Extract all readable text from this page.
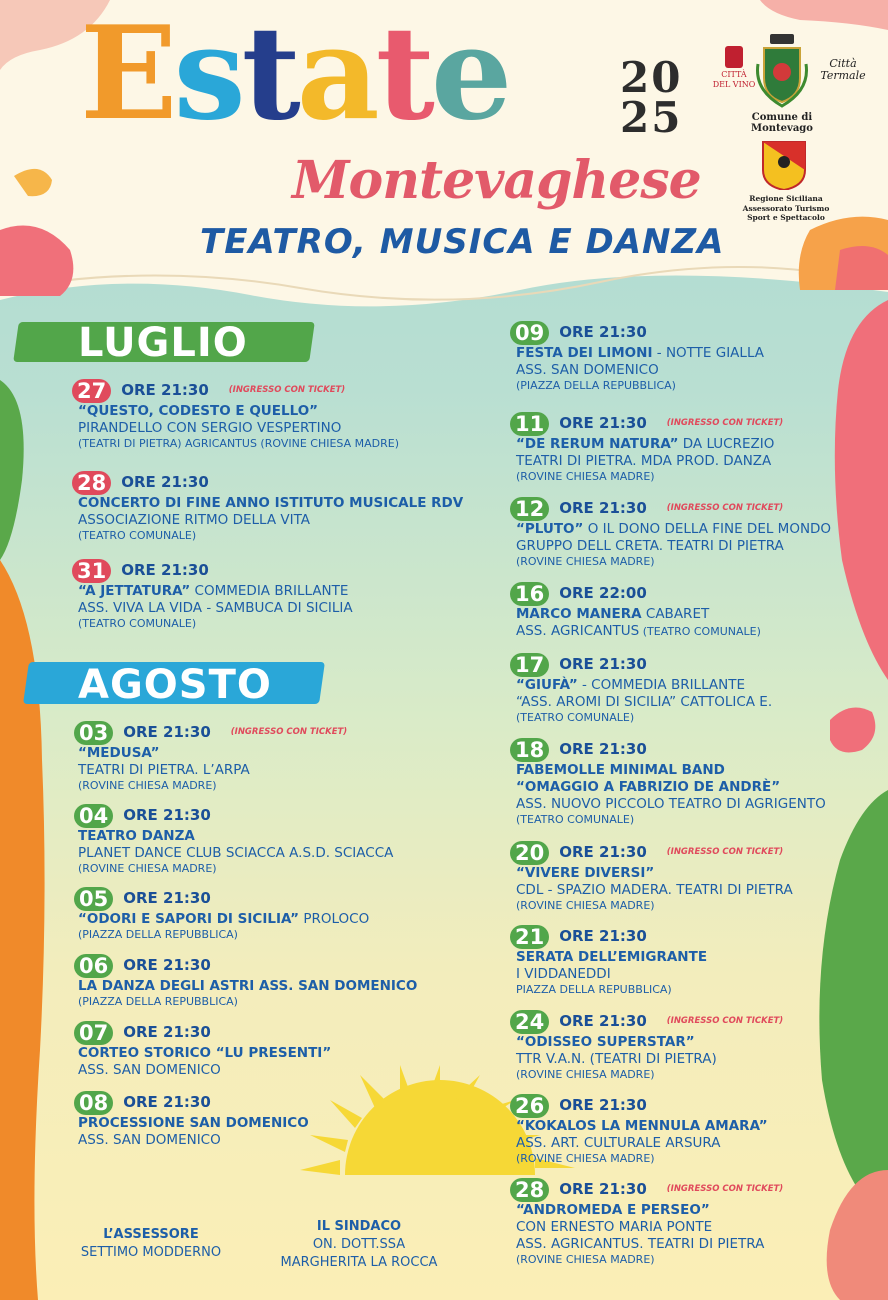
Estate	20
25
Montevaghese
TEATRO, MUSICA E DANZA
CITTÀ DEL VINO
Città Termale
Comune di Montevago
Regione Siciliana
Assessorato Turismo
Sport e Spettacolo
LUGLIO
AGOSTO
27	ORE 21:30 (INGRESSO CON TICKET)
“QUESTO, CODESTO E QUELLO”
PIRANDELLO CON SERGIO VESPERTINO
(TEATRI DI PIETRA) AGRICANTUS (ROVINE CHIESA MADRE)
28	ORE 21:30
CONCERTO DI FINE ANNO ISTITUTO MUSICALE RDV
ASSOCIAZIONE RITMO DELLA VITA
(TEATRO COMUNALE)
31	ORE 21:30
“A JETTATURA” COMMEDIA BRILLANTE
ASS. VIVA LA VIDA - SAMBUCA DI SICILIA
(TEATRO COMUNALE)
03	ORE 21:30 (INGRESSO CON TICKET)
“MEDUSA”
TEATRI DI PIETRA. L’ARPA
(ROVINE CHIESA MADRE)
04	ORE 21:30
TEATRO DANZA
PLANET DANCE CLUB SCIACCA A.S.D. SCIACCA
(ROVINE CHIESA MADRE)
05	ORE 21:30
“ODORI E SAPORI DI SICILIA” PROLOCO
(PIAZZA DELLA REPUBBLICA)
06	ORE 21:30
LA DANZA DEGLI ASTRI ASS. SAN DOMENICO
(PIAZZA DELLA REPUBBLICA)
07	ORE 21:30
CORTEO STORICO “LU PRESENTI”
ASS. SAN DOMENICO
08	ORE 21:30
PROCESSIONE SAN DOMENICO
ASS. SAN DOMENICO
09	ORE 21:30
FESTA DEI LIMONI - NOTTE GIALLA
ASS. SAN DOMENICO
(PIAZZA DELLA REPUBBLICA)
11	ORE 21:30 (INGRESSO CON TICKET)
“DE RERUM NATURA” DA LUCREZIO
TEATRI DI PIETRA. MDA PROD. DANZA
(ROVINE CHIESA MADRE)
12	ORE 21:30 (INGRESSO CON TICKET)
“PLUTO” O IL DONO DELLA FINE DEL MONDO
GRUPPO DELL CRETA. TEATRI DI PIETRA
(ROVINE CHIESA MADRE)
16	ORE 22:00
MARCO MANERA CABARET
ASS. AGRICANTUS (TEATRO COMUNALE)
17	ORE 21:30
“GIUFÀ” - COMMEDIA BRILLANTE
“ASS. AROMI DI SICILIA” CATTOLICA E.
(TEATRO COMUNALE)
18	ORE 21:30
FABEMOLLE MINIMAL BAND
“OMAGGIO A FABRIZIO DE ANDRÈ”
ASS. NUOVO PICCOLO TEATRO DI AGRIGENTO
(TEATRO COMUNALE)
20	ORE 21:30 (INGRESSO CON TICKET)
“VIVERE DIVERSI”
CDL - SPAZIO MADERA. TEATRI DI PIETRA
(ROVINE CHIESA MADRE)
21	ORE 21:30
SERATA DELL’EMIGRANTE
I VIDDANEDDI
PIAZZA DELLA REPUBBLICA)
24	ORE 21:30 (INGRESSO CON TICKET)
“ODISSEO SUPERSTAR”
TTR V.A.N. (TEATRI DI PIETRA)
(ROVINE CHIESA MADRE)
26	ORE 21:30
“KOKALOS LA MENNULA AMARA”
ASS. ART. CULTURALE ARSURA
(ROVINE CHIESA MADRE)
28	ORE 21:30 (INGRESSO CON TICKET)
“ANDROMEDA E PERSEO”
CON ERNESTO MARIA PONTE
ASS. AGRICANTUS. TEATRI DI PIETRA
(ROVINE CHIESA MADRE)
L’ASSESSORE
SETTIMO MODDERNO
IL SINDACO
ON. DOTT.SSA
MARGHERITA LA ROCCA
